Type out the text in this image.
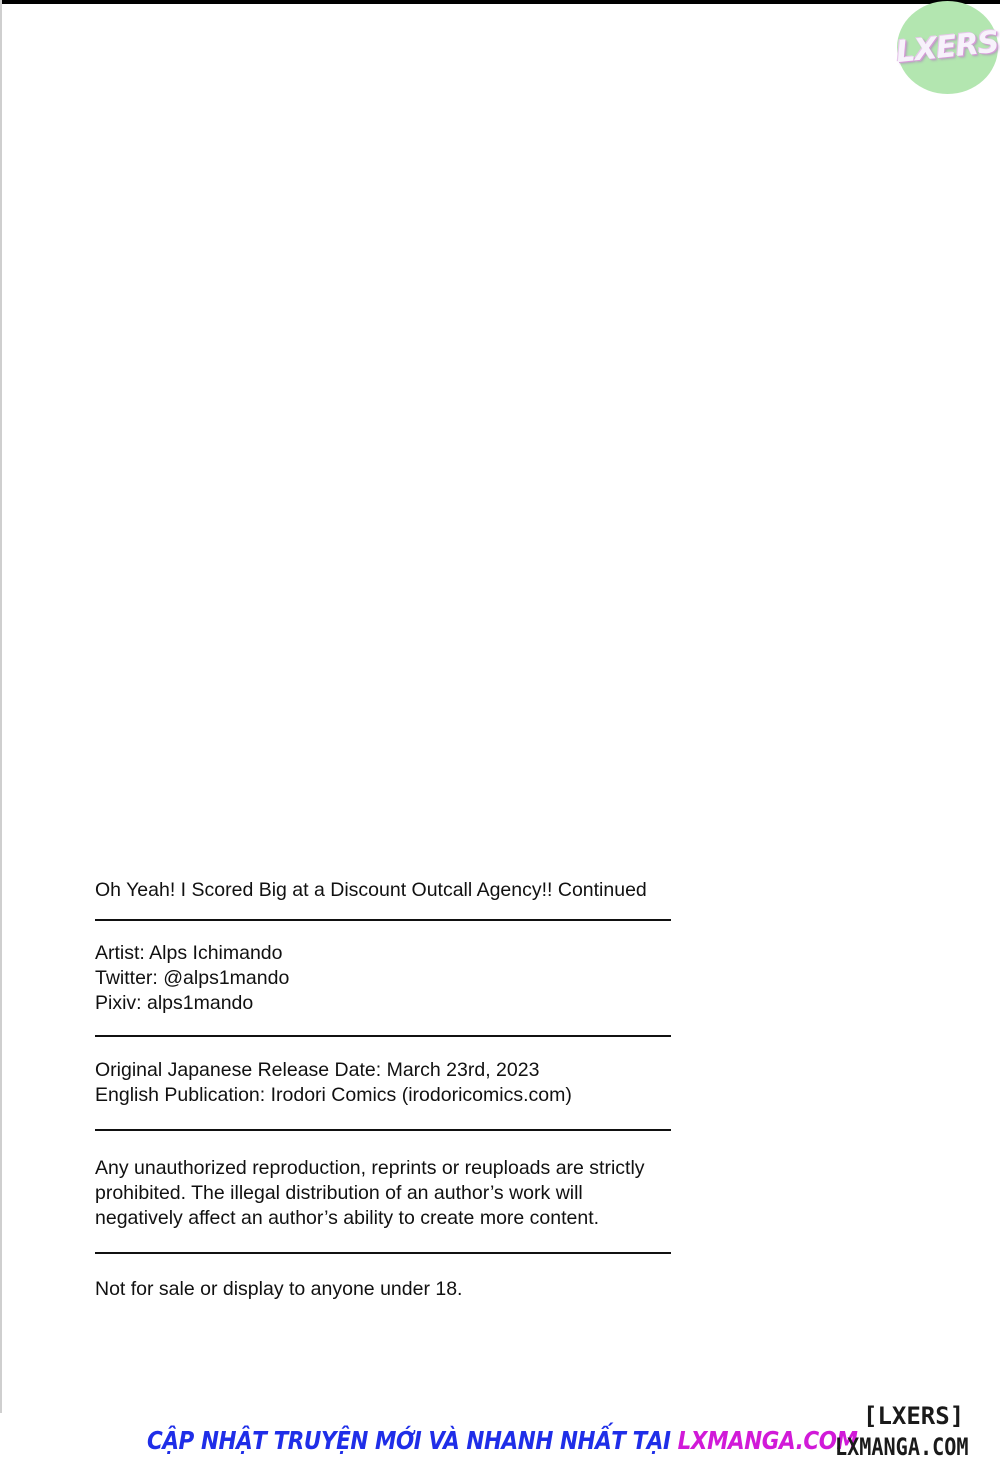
LXERS

Oh Yeah! I Scored Big at a Discount Outcall Agency!! Continued

Artist: Alps Ichimando

Twitter: @alps1mando

Pixiv: alps1mando

Original Japanese Release Date: March 23rd, 2023

English Publication: Irodori Comics (irodoricomics.com)

Any unauthorized reproduction, reprints or reuploads are strictly prohibited. The illegal distribution of an author’s work will negatively affect an author’s ability to create more content.

Not for sale or display to anyone under 18.

CẬP NHẬT TRUYỆN MỚI VÀ NHANH NHẤT TẠI LXMANGA.COM
[LXERS]
LXMANGA.COM
